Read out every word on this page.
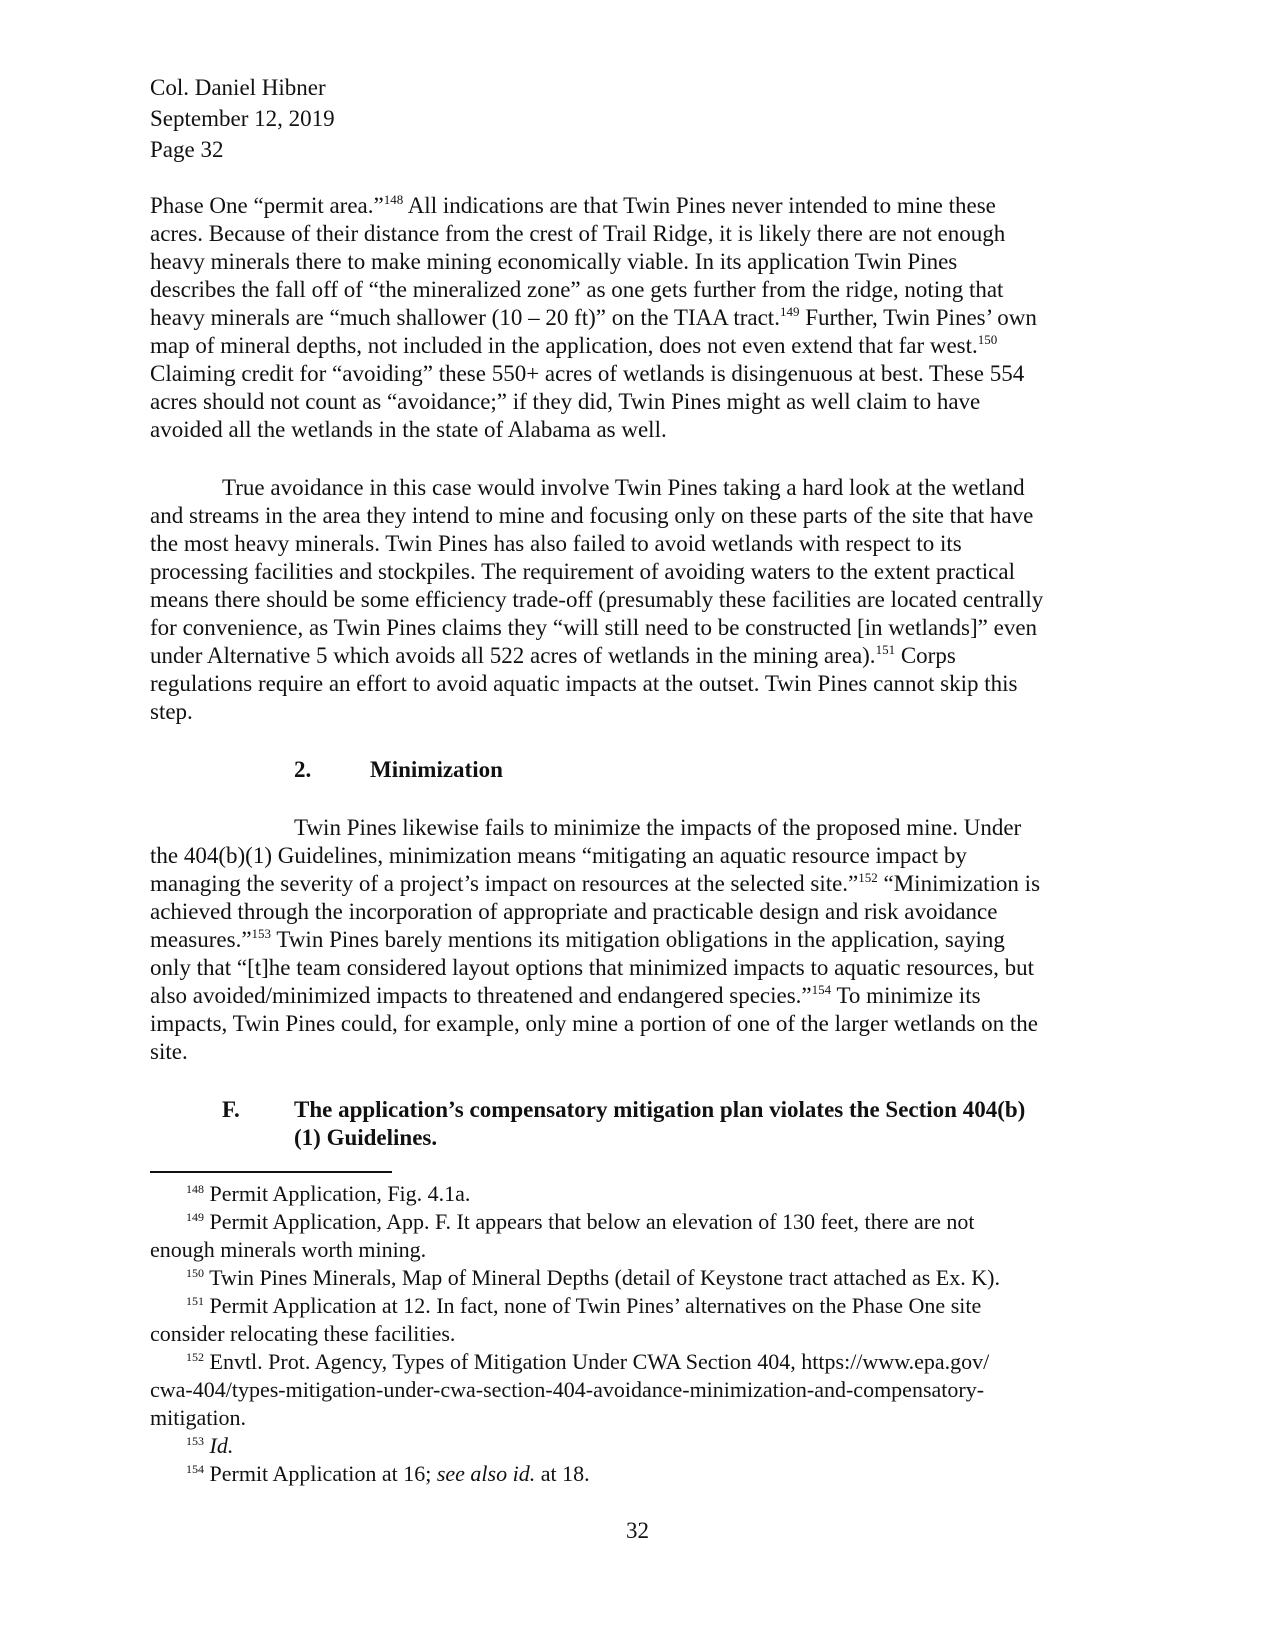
Col. Daniel Hibner
September 12, 2019
Page 32
Phase One “permit area.”$^{148}$ All indications are that Twin Pines never intended to mine these
acres. Because of their distance from the crest of Trail Ridge, it is likely there are not enough
heavy minerals there to make mining economically viable. In its application Twin Pines
describes the fall off of “the mineralized zone” as one gets further from the ridge, noting that
heavy minerals are “much shallower (10 – 20 ft)” on the TIAA tract.$^{149}$ Further, Twin Pines’ own
map of mineral depths, not included in the application, does not even extend that far west.$^{150}$
Claiming credit for “avoiding” these 550+ acres of wetlands is disingenuous at best. These 554
acres should not count as “avoidance;” if they did, Twin Pines might as well claim to have
avoided all the wetlands in the state of Alabama as well.
True avoidance in this case would involve Twin Pines taking a hard look at the wetland
and streams in the area they intend to mine and focusing only on these parts of the site that have
the most heavy minerals. Twin Pines has also failed to avoid wetlands with respect to its
processing facilities and stockpiles. The requirement of avoiding waters to the extent practical
means there should be some efficiency trade-off (presumably these facilities are located centrally
for convenience, as Twin Pines claims they “will still need to be constructed [in wetlands]” even
under Alternative 5 which avoids all 522 acres of wetlands in the mining area).$^{151}$ Corps
regulations require an effort to avoid aquatic impacts at the outset. Twin Pines cannot skip this
step.
2.	Minimization
Twin Pines likewise fails to minimize the impacts of the proposed mine. Under
the 404(b)(1) Guidelines, minimization means “mitigating an aquatic resource impact by
managing the severity of a project’s impact on resources at the selected site.”$^{152}$ “Minimization is
achieved through the incorporation of appropriate and practicable design and risk avoidance
measures.”$^{153}$ Twin Pines barely mentions its mitigation obligations in the application, saying
only that “[t]he team considered layout options that minimized impacts to aquatic resources, but
also avoided/minimized impacts to threatened and endangered species.”$^{154}$ To minimize its
impacts, Twin Pines could, for example, only mine a portion of one of the larger wetlands on the
site.
F. The application’s compensatory mitigation plan violates the Section 404(b)
(1) Guidelines.
$^{148}$ Permit Application, Fig. 4.1a.
$^{149}$ Permit Application, App. F. It appears that below an elevation of 130 feet, there are not
enough minerals worth mining.
$^{150}$ Twin Pines Minerals, Map of Mineral Depths (detail of Keystone tract attached as Ex. K).
$^{151}$ Permit Application at 12. In fact, none of Twin Pines’ alternatives on the Phase One site
consider relocating these facilities.
$^{152}$ Envtl. Prot. Agency, Types of Mitigation Under CWA Section 404, https://www.epa.gov/
cwa-404/types-mitigation-under-cwa-section-404-avoidance-minimization-and-compensatory-
mitigation.
$^{153}$ Id.
$^{154}$ Permit Application at 16; see also id. at 18.
32
